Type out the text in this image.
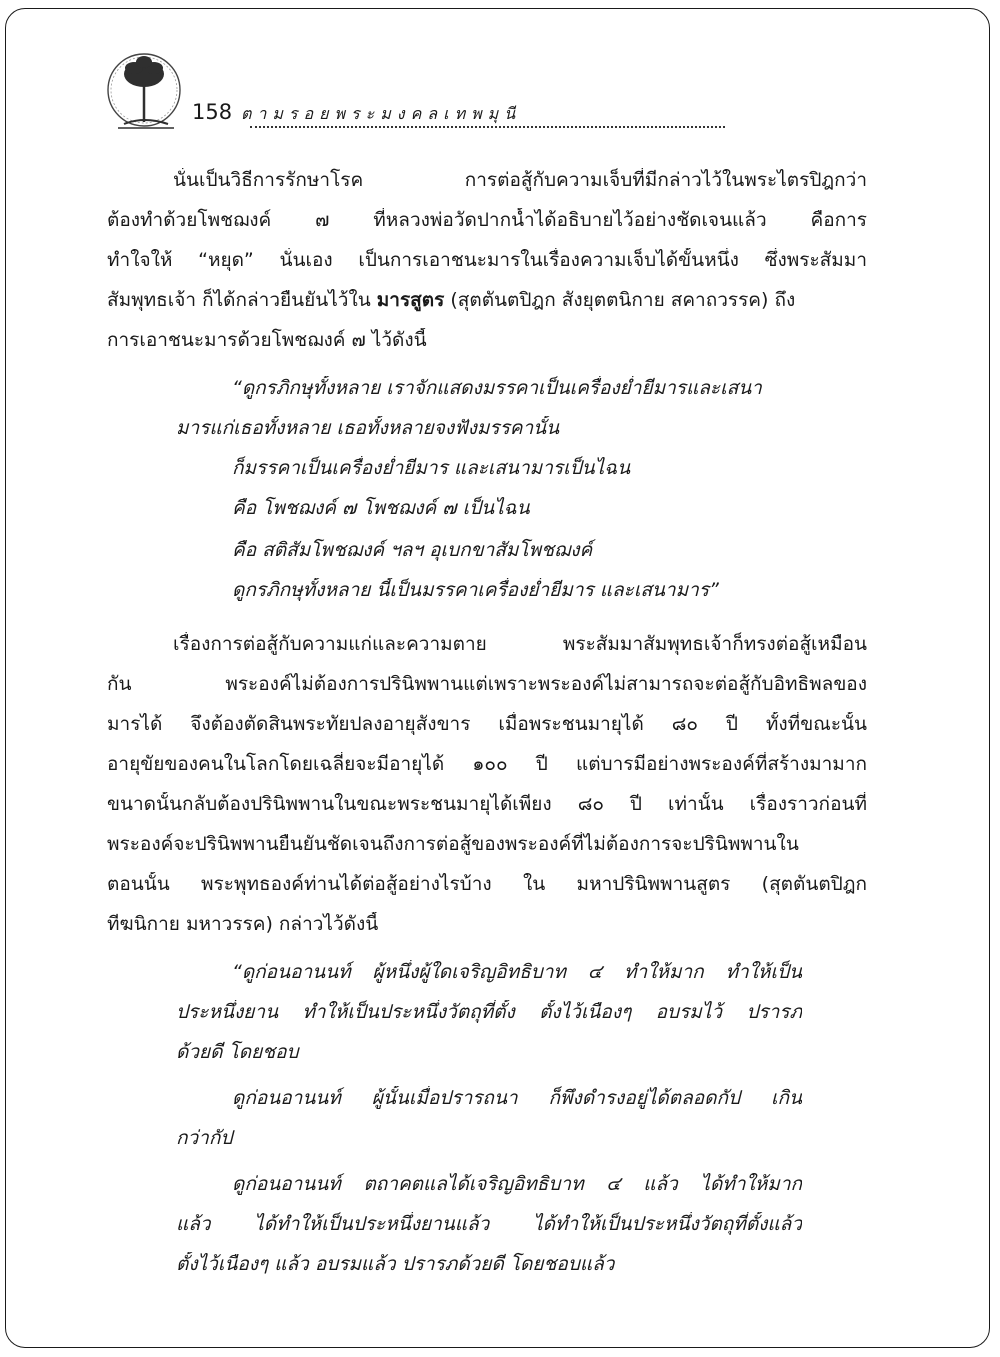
158 ตามรอยพระมงคลเทพมุนี
นั่นเป็นวิธีการรักษาโรค การต่อสู้กับความเจ็บที่มีกล่าวไว้ในพระไตรปิฎกว่า
ต้องทำด้วยโพชฌงค์ ๗ ที่หลวงพ่อวัดปากน้ำได้อธิบายไว้อย่างชัดเจนแล้ว คือการ
ทำใจให้ “หยุด” นั่นเอง เป็นการเอาชนะมารในเรื่องความเจ็บได้ขั้นหนึ่ง ซึ่งพระสัมมา
สัมพุทธเจ้า ก็ได้กล่าวยืนยันไว้ใน มารสูตร (สุตตันตปิฎก สังยุตตนิกาย สคาถวรรค) ถึง
การเอาชนะมารด้วยโพชฌงค์ ๗ ไว้ดังนี้
“ดูกรภิกษุทั้งหลาย เราจักแสดงมรรคาเป็นเครื่องย่ำยีมารและเสนา
มารแก่เธอทั้งหลาย เธอทั้งหลายจงฟังมรรคานั้น
ก็มรรคาเป็นเครื่องย่ำยีมาร และเสนามารเป็นไฉน
คือ โพชฌงค์ ๗ โพชฌงค์ ๗ เป็นไฉน
คือ สติสัมโพชฌงค์ ฯลฯ อุเบกขาสัมโพชฌงค์
ดูกรภิกษุทั้งหลาย นี้เป็นมรรคาเครื่องย่ำยีมาร และเสนามาร”
เรื่องการต่อสู้กับความแก่และความตาย พระสัมมาสัมพุทธเจ้าก็ทรงต่อสู้เหมือน
กัน พระองค์ไม่ต้องการปรินิพพานแต่เพราะพระองค์ไม่สามารถจะต่อสู้กับอิทธิพลของ
มารได้ จึงต้องตัดสินพระทัยปลงอายุสังขาร เมื่อพระชนมายุได้ ๘๐ ปี ทั้งที่ขณะนั้น
อายุขัยของคนในโลกโดยเฉลี่ยจะมีอายุได้ ๑๐๐ ปี แต่บารมีอย่างพระองค์ที่สร้างมามาก
ขนาดนั้นกลับต้องปรินิพพานในขณะพระชนมายุได้เพียง ๘๐ ปี เท่านั้น เรื่องราวก่อนที่
พระองค์จะปรินิพพานยืนยันชัดเจนถึงการต่อสู้ของพระองค์ที่ไม่ต้องการจะปรินิพพานใน
ตอนนั้น พระพุทธองค์ท่านได้ต่อสู้อย่างไรบ้าง ใน มหาปรินิพพานสูตร (สุตตันตปิฎก
ทีฆนิกาย มหาวรรค) กล่าวไว้ดังนี้
“ดูก่อนอานนท์ ผู้หนึ่งผู้ใดเจริญอิทธิบาท ๔ ทำให้มาก ทำให้เป็น
ประหนึ่งยาน ทำให้เป็นประหนึ่งวัตถุที่ตั้ง ตั้งไว้เนืองๆ อบรมไว้ ปรารภ
ด้วยดี โดยชอบ
ดูก่อนอานนท์ ผู้นั้นเมื่อปรารถนา ก็พึงดำรงอยู่ได้ตลอดกัป เกิน
กว่ากัป
ดูก่อนอานนท์ ตถาคตแลได้เจริญอิทธิบาท ๔ แล้ว ได้ทำให้มาก
แล้ว ได้ทำให้เป็นประหนึ่งยานแล้ว ได้ทำให้เป็นประหนึ่งวัตถุที่ตั้งแล้ว
ตั้งไว้เนืองๆ แล้ว อบรมแล้ว ปรารภด้วยดี โดยชอบแล้ว
